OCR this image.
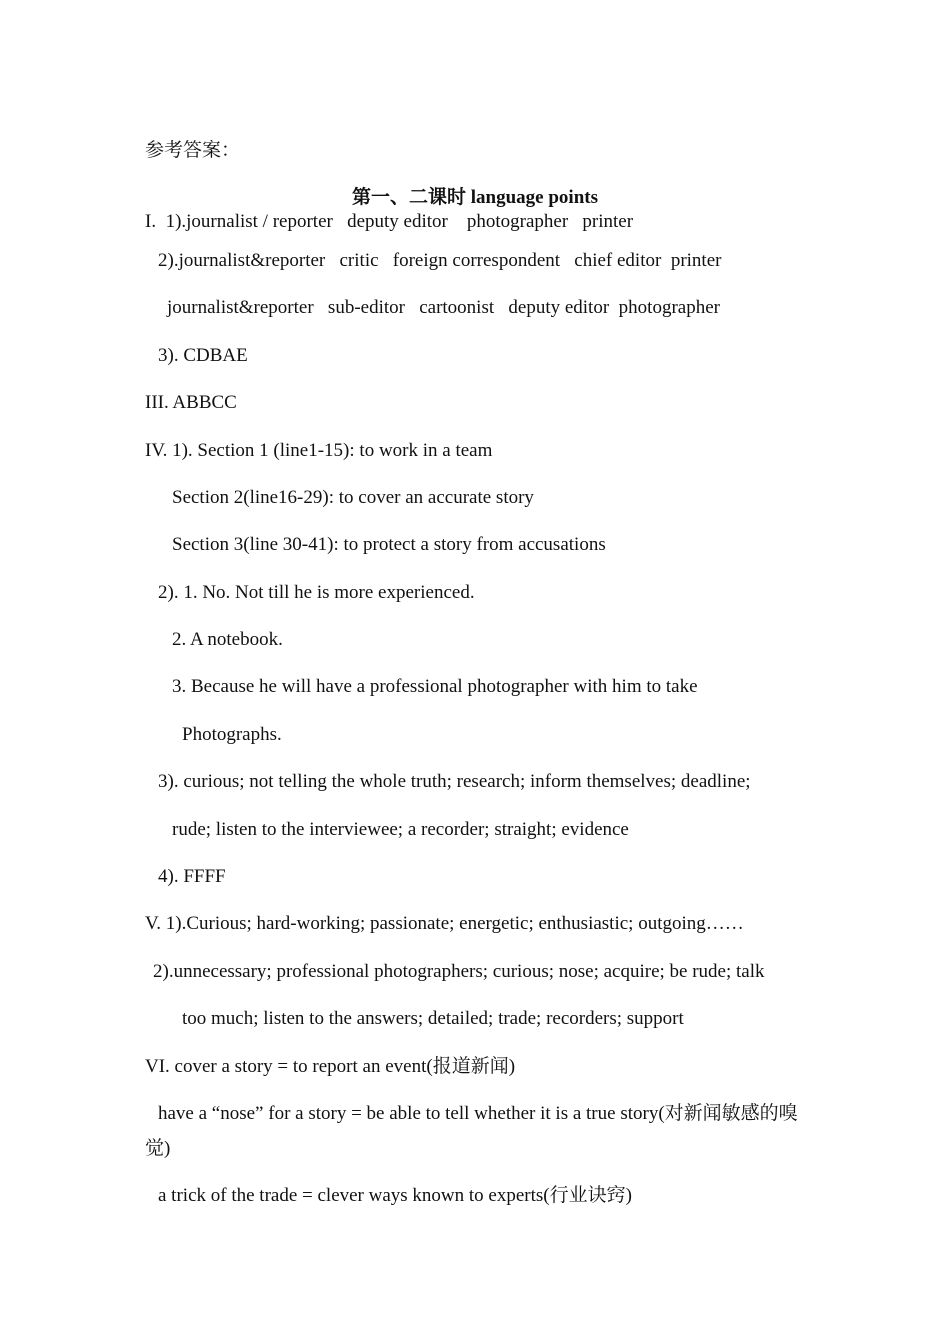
参考答案：
第一、二课时 language points
I.  1).journalist / reporter   deputy editor    photographer   printer
2).journalist&reporter   critic   foreign correspondent   chief editor  printer
journalist&reporter   sub-editor   cartoonist   deputy editor  photographer
3). CDBAE
III. ABBCC
IV. 1). Section 1 (line1-15): to work in a team
Section 2(line16-29): to cover an accurate story
Section 3(line 30-41): to protect a story from accusations
2). 1. No. Not till he is more experienced.
2. A notebook.
3. Because he will have a professional photographer with him to take
Photographs.
3). curious; not telling the whole truth; research; inform themselves; deadline;
rude; listen to the interviewee; a recorder; straight; evidence
4). FFFF
V. 1).Curious; hard-working; passionate; energetic; enthusiastic; outgoing……
2).unnecessary; professional photographers; curious; nose; acquire; be rude; talk
too much; listen to the answers; detailed; trade; recorders; support
VI. cover a story = to report an event(报道新闻)
have a “nose” for a story = be able to tell whether it is a true story(对新闻敏感的嗅
觉)
a trick of the trade = clever ways known to experts(行业诀窍)
